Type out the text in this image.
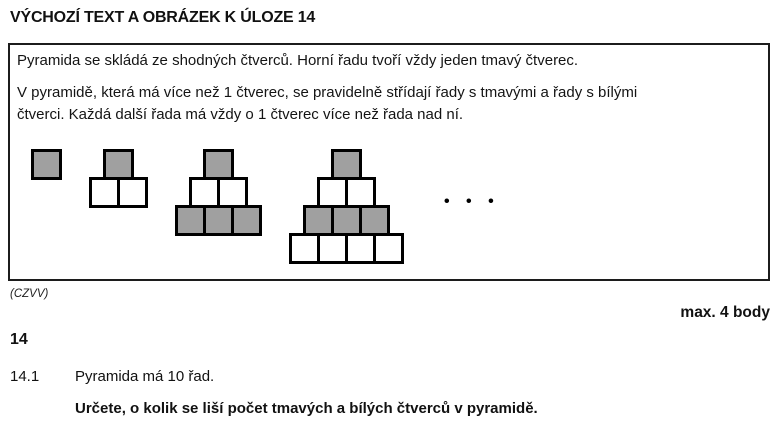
VÝCHOZÍ TEXT A OBRÁZEK K ÚLOZE 14
Pyramida se skládá ze shodných čtverců. Horní řadu tvoří vždy jeden tmavý čtverec.
V pyramidě, která má více než 1 čtverec, se pravidelně střídají řady s tmavými a řady s bílými
čtverci. Každá další řada má vždy o 1 čtverec více než řada nad ní.
• • •
(CZVV)
max. 4 body
14
14.1	Pyramida má 10 řad.
Určete, o kolik se liší počet tmavých a bílých čtverců v pyramidě.
